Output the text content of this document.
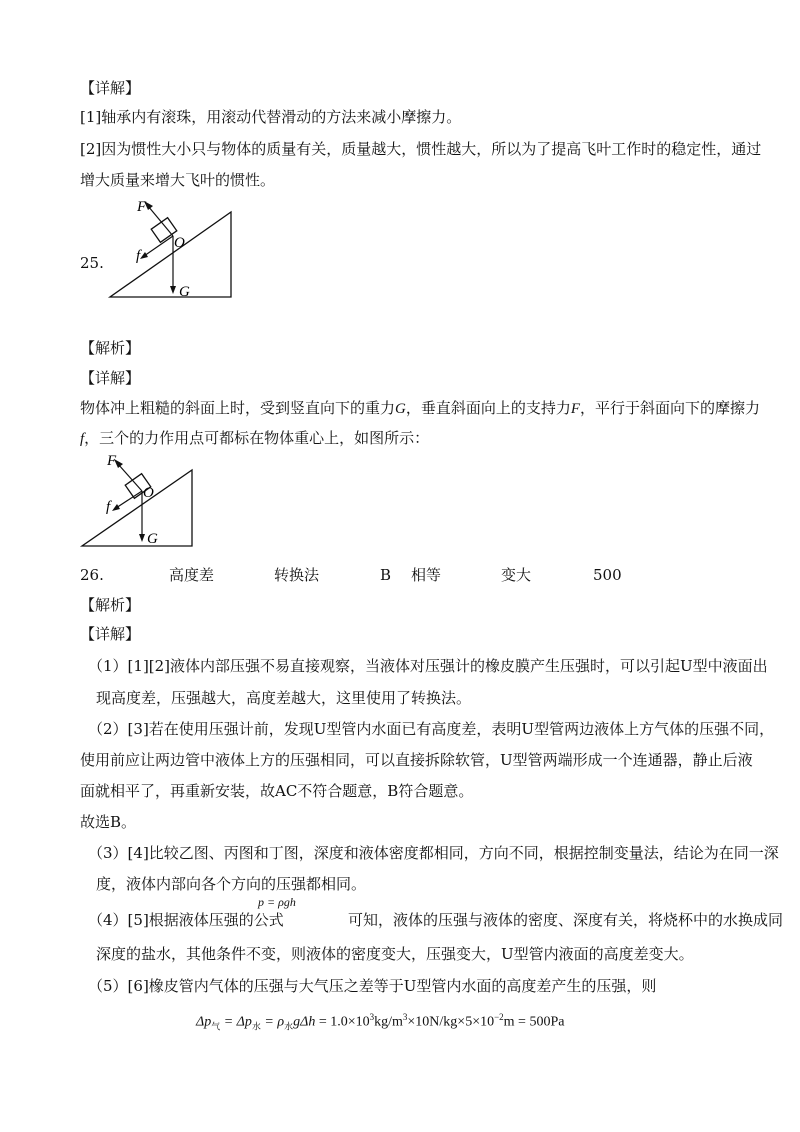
【详解】
[1]轴承内有滚珠，用滚动代替滑动的方法来减小摩擦力。
[2]因为惯性大小只与物体的质量有关，质量越大，惯性越大，所以为了提高飞叶工作时的稳定性，通过
增大质量来增大飞叶的惯性。
25.
F
f
O
G
【解析】
【详解】
物体冲上粗糙的斜面上时，受到竖直向下的重力G，垂直斜面向上的支持力F，平行于斜面向下的摩擦力
f，三个的力作用点可都标在物体重心上，如图所示：
F
f
O
G
26.	高度差	转换法	B 相等	变大	500
【解析】
【详解】
（1）[1][2]液体内部压强不易直接观察，当液体对压强计的橡皮膜产生压强时，可以引起U型中液面出
现高度差，压强越大，高度差越大，这里使用了转换法。
（2）[3]若在使用压强计前，发现U型管内水面已有高度差，表明U型管两边液体上方气体的压强不同，
使用前应让两边管中液体上方的压强相同，可以直接拆除软管，U型管两端形成一个连通器，静止后液
面就相平了，再重新安装，故AC不符合题意，B符合题意。
故选B。
（3）[4]比较乙图、丙图和丁图，深度和液体密度都相同，方向不同，根据控制变量法，结论为在同一深
度，液体内部向各个方向的压强都相同。
（4）[5]根据液体压强的公式
p = ρgh
可知，液体的压强与液体的密度、深度有关，将烧杯中的水换成同
深度的盐水，其他条件不变，则液体的密度变大，压强变大，U型管内液面的高度差变大。
（5）[6]橡皮管内气体的压强与大气压之差等于U型管内水面的高度差产生的压强，则
$\Delta p_气 = \Delta p_水 = \rho_水g\Delta h = 1.0\times 10^3kg/m^3\times 10N/kg\times 5\times 10^{-2}m = 500Pa$
